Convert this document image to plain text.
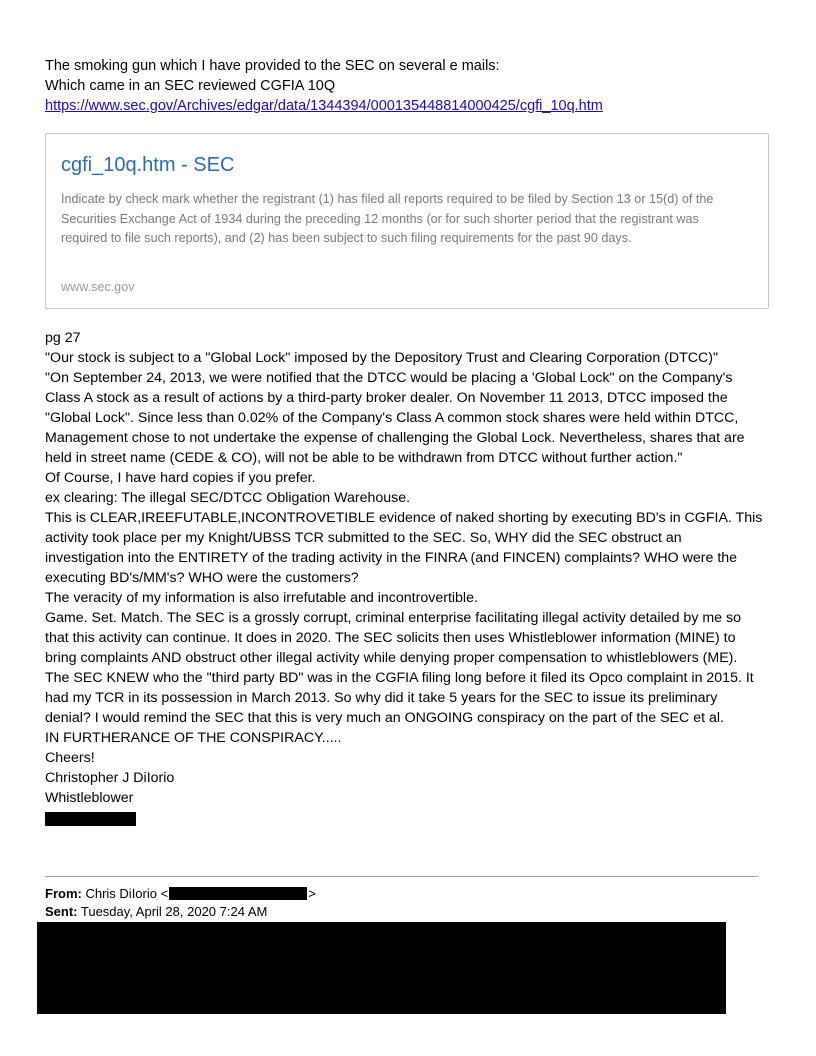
The smoking gun which I have provided to the SEC on several e mails:
Which came in an SEC reviewed CGFIA 10Q
https://www.sec.gov/Archives/edgar/data/1344394/000135448814000425/cgfi_10q.htm
cgfi_10q.htm - SEC
Indicate by check mark whether the registrant (1) has filed all reports required to be filed by Section 13 or 15(d) of the Securities Exchange Act of 1934 during the preceding 12 months (or for such shorter period that the registrant was required to file such reports), and (2) has been subject to such filing requirements for the past 90 days.
www.sec.gov
pg 27
"Our stock is subject to a "Global Lock" imposed by the Depository Trust and Clearing Corporation (DTCC)"
"On September 24, 2013, we were notified that the DTCC would be placing a 'Global Lock" on the Company's
Class A stock as a result of actions by a third-party broker dealer. On November 11 2013, DTCC imposed the
"Global Lock". Since less than 0.02% of the Company's Class A common stock shares were held within DTCC,
Management chose to not undertake the expense of challenging the Global Lock. Nevertheless, shares that are
held in street name (CEDE & CO), will not be able to be withdrawn from DTCC without further action."
Of Course, I have hard copies if you prefer.
ex clearing: The illegal SEC/DTCC Obligation Warehouse.
This is CLEAR,IREEFUTABLE,INCONTROVETIBLE evidence of naked shorting by executing BD's in CGFIA. This
activity took place per my Knight/UBSS TCR submitted to the SEC. So, WHY did the SEC obstruct an
investigation into the ENTIRETY of the trading activity in the FINRA (and FINCEN) complaints? WHO were the
executing BD's/MM's? WHO were the customers?
The veracity of my information is also irrefutable and incontrovertible.
Game. Set. Match. The SEC is a grossly corrupt, criminal enterprise facilitating illegal activity detailed by me so
that this activity can continue. It does in 2020. The SEC solicits then uses Whistleblower information (MINE) to
bring complaints AND obstruct other illegal activity while denying proper compensation to whistleblowers (ME).
The SEC KNEW who the "third party BD" was in the CGFIA filing long before it filed its Opco complaint in 2015. It
had my TCR in its possession in March 2013. So why did it take 5 years for the SEC to issue its preliminary
denial? I would remind the SEC that this is very much an ONGOING conspiracy on the part of the SEC et al.
IN FURTHERANCE OF THE CONSPIRACY.....
Cheers!
Christopher J DiIorio
Whistleblower
From: Chris DiIorio <	>
Sent: Tuesday, April 28, 2020 7:24 AM
